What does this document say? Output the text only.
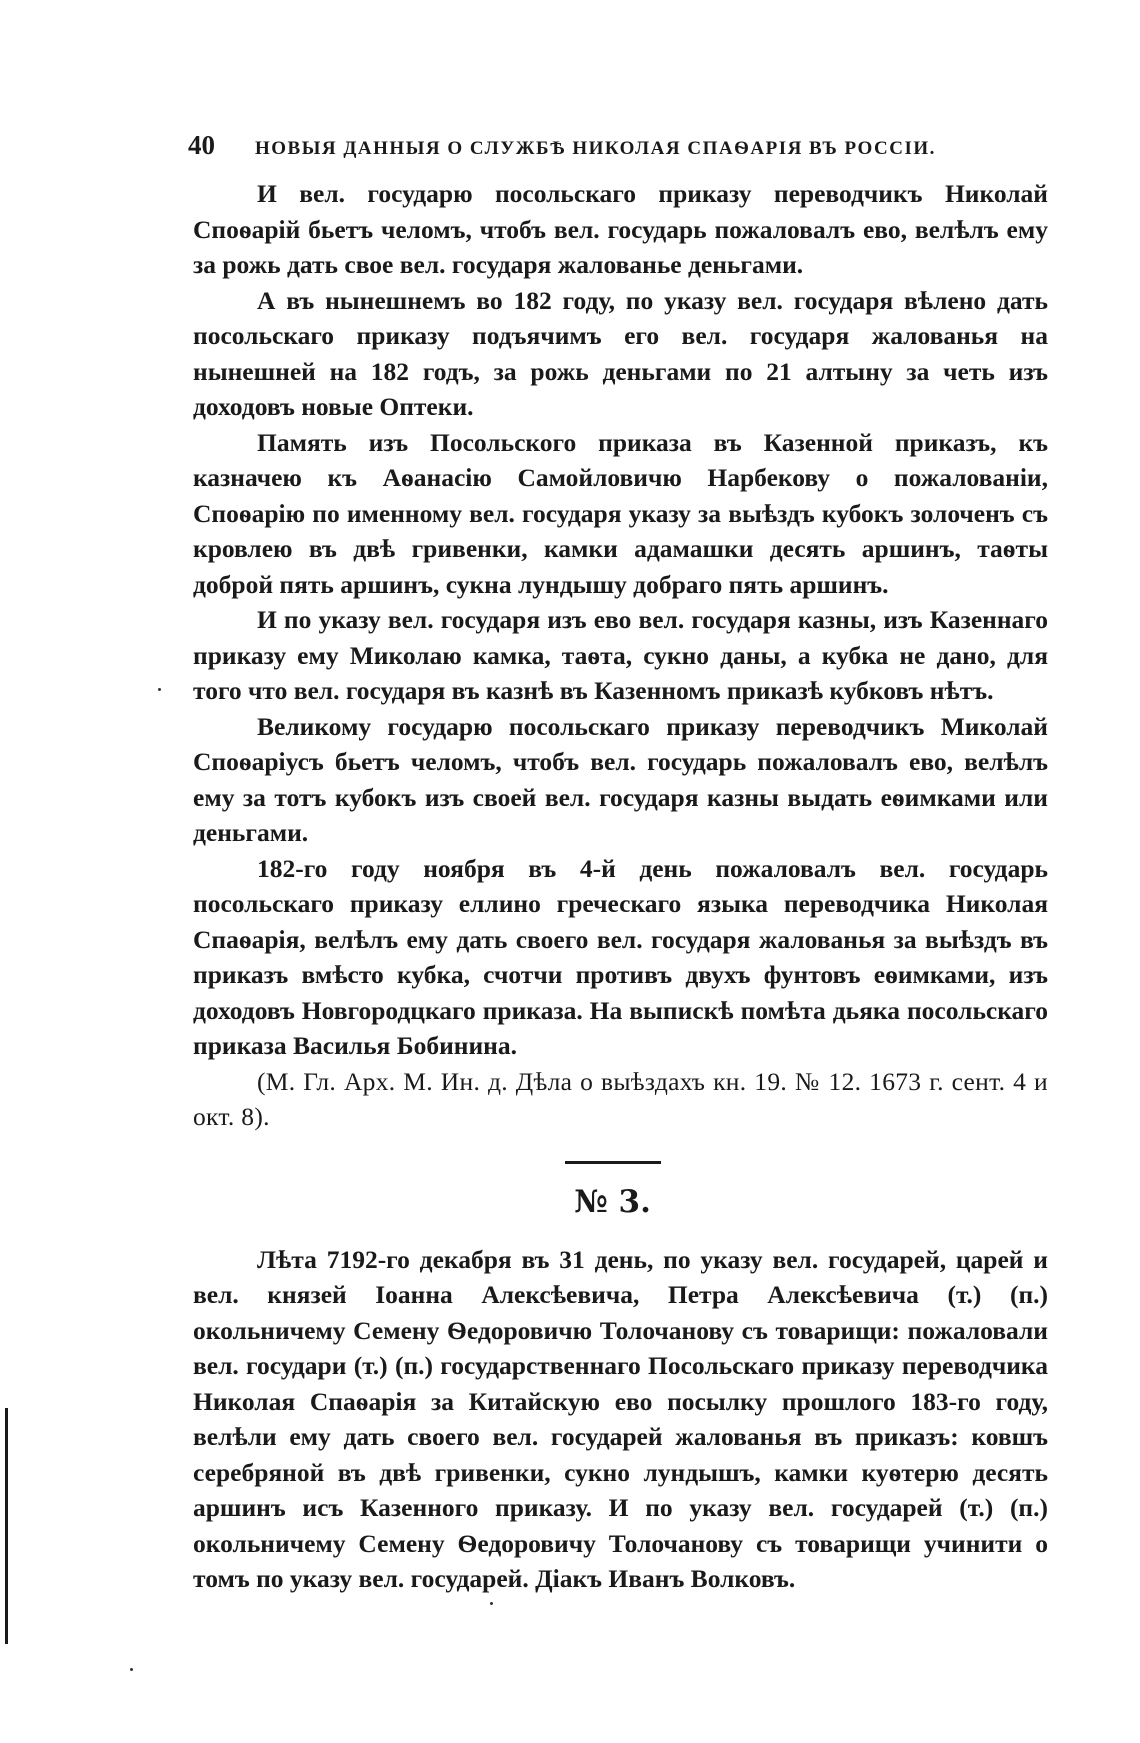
40 НОВЫЯ ДАННЫЯ О СЛУЖБѢ НИКОЛАЯ СПАѲАРІЯ ВЪ РОССІИ.

И вел. государю посольскаго приказу переводчикъ Николай Споѳарій бьетъ челомъ, чтобъ вел. государь пожаловалъ ево, велѣлъ ему за рожь дать свое вел. государя жалованье деньгами.

А въ нынешнемъ во 182 году, по указу вел. государя вѣлено дать посольскаго приказу подъячимъ его вел. государя жалованья на нынешней на 182 годъ, за рожь деньгами по 21 алтыну за четь изъ доходовъ новые Оптеки.

Память изъ Посольского приказа въ Казенной приказъ, къ казначею къ Аѳанасію Самойловичю Нарбекову о пожалованіи, Споѳарію по именному вел. государя указу за выѣздъ кубокъ золоченъ съ кровлею въ двѣ гривенки, камки адамашки десять аршинъ, таѳты доброй пять аршинъ, сукна лундышу добраго пять аршинъ.

И по указу вел. государя изъ ево вел. государя казны, изъ Казеннаго приказу ему Миколаю камка, таѳта, сукно даны, а кубка не дано, для того что вел. государя въ казнѣ въ Казенномъ приказѣ кубковъ нѣтъ.

Великому государю посольскаго приказу переводчикъ Миколай Споѳаріусъ бьетъ челомъ, чтобъ вел. государь пожаловалъ ево, велѣлъ ему за тотъ кубокъ изъ своей вел. государя казны выдать еѳимками или деньгами.

182-го году ноября въ 4-й день пожаловалъ вел. государь посольскаго приказу еллино греческаго языка переводчика Николая Спаѳарія, велѣлъ ему дать своего вел. государя жалованья за выѣздъ въ приказъ вмѣсто кубка, счотчи противъ двухъ фунтовъ еѳимками, изъ доходовъ Новгородцкаго приказа. На выпискѣ помѣта дьяка посольскаго приказа Василья Бобинина.

(М. Гл. Арх. М. Ин. д. Дѣла о выѣздахъ кн. 19. № 12. 1673 г. сент. 4 и окт. 8).

№ 3.

Лѣта 7192-го декабря въ 31 день, по указу вел. государей, царей и вел. князей Іоанна Алексѣевича, Петра Алексѣевича (т.) (п.) окольничему Семену Ѳедоровичю Толочанову съ товарищи: пожаловали вел. государи (т.) (п.) государственнаго Посольскаго приказу переводчика Николая Спаѳарія за Китайскую ево посылку прошлого 183-го году, велѣли ему дать своего вел. государей жалованья въ приказъ: ковшъ серебряной въ двѣ гривенки, сукно лундышъ, камки куѳтерю десять аршинъ исъ Казенного приказу. И по указу вел. государей (т.) (п.) окольничему Семену Ѳедоровичу Толочанову съ товарищи учинити о томъ по указу вел. государей. Діакъ Иванъ Волковъ.
